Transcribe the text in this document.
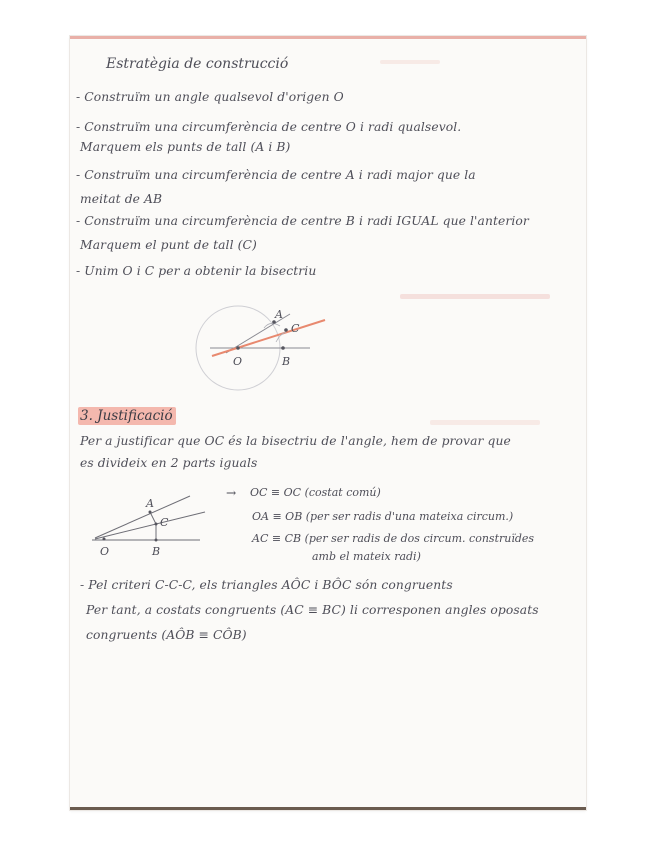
Estratègia de construcció
- Construïm un angle qualsevol d'origen O
- Construïm una circumferència de centre O i radi qualsevol.
Marquem els punts de tall (A i B)
- Construïm una circumferència de centre A i radi major que la
meitat de AB
- Construïm una circumferència de centre B i radi IGUAL que l'anterior
Marquem el punt de tall (C)
- Unim O i C per a obtenir la bisectriu
A
C
O	B
3. Justificació
Per a justificar que OC és la bisectriu de l'angle, hem de provar que
es divideix en 2 parts iguals
A
C
O	B
→ OC ≡ OC (costat comú)
OA ≡ OB (per ser radis d'una mateixa circum.)
AC ≡ CB (per ser radis de dos circum. construïdes
amb el mateix radi)
- Pel criteri C-C-C, els triangles AÔC i BÔC són congruents
Per tant, a costats congruents (AC ≡ BC) li corresponen angles oposats
congruents (AÔB ≡ CÔB)
